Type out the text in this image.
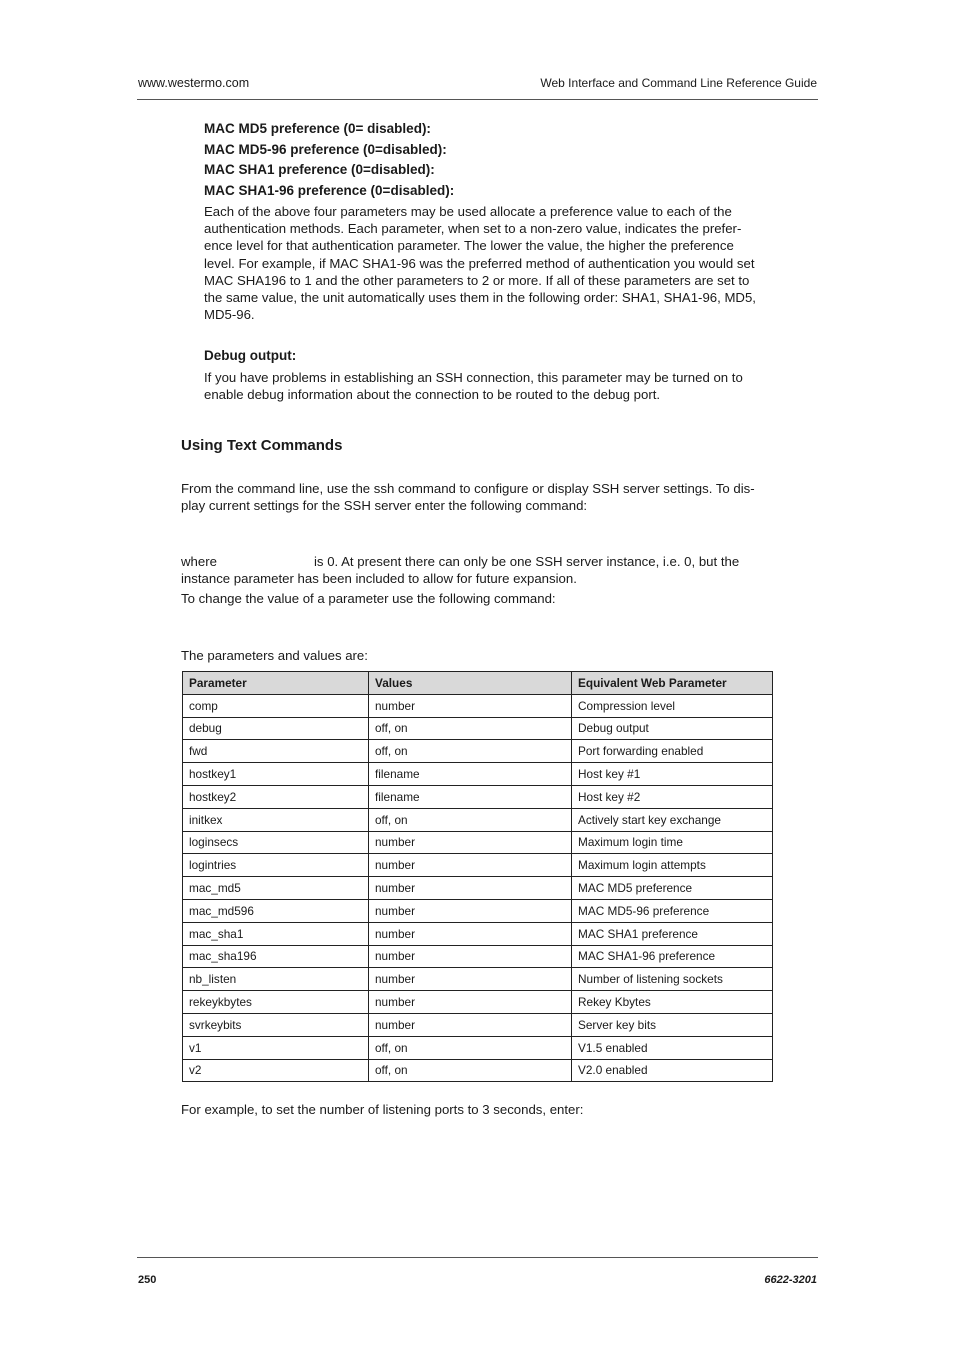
www.westermo.com	Web Interface and Command Line Reference Guide

MAC MD5 preference (0= disabled):

MAC MD5-96 preference (0=disabled):

MAC SHA1 preference (0=disabled):

MAC SHA1-96 preference (0=disabled):

Each of the above four parameters may be used allocate a preference value to each of the
authentication methods. Each parameter, when set to a non-zero value, indicates the prefer-
ence level for that authentication parameter. The lower the value, the higher the preference
level. For example, if MAC SHA1-96 was the preferred method of authentication you would set
MAC SHA196 to 1 and the other parameters to 2 or more. If all of these parameters are set to
the same value, the unit automatically uses them in the following order: SHA1, SHA1-96, MD5,
MD5-96.

Debug output:

If you have problems in establishing an SSH connection, this parameter may be turned on to
enable debug information about the connection to be routed to the debug port.

Using Text Commands

From the command line, use the ssh command to configure or display SSH server settings. To dis-
play current settings for the SSH server enter the following command:

where	is 0. At present there can only be one SSH server instance, i.e. 0, but the

instance parameter has been included to allow for future expansion.

To change the value of a parameter use the following command:

The parameters and values are:

Parameter	Values	Equivalent Web Parameter
comp	number	Compression level
debug	off, on	Debug output
fwd	off, on	Port forwarding enabled
hostkey1	filename	Host key #1
hostkey2	filename	Host key #2
initkex	off, on	Actively start key exchange
loginsecs	number	Maximum login time
logintries	number	Maximum login attempts
mac_md5	number	MAC MD5 preference
mac_md596	number	MAC MD5-96 preference
mac_sha1	number	MAC SHA1 preference
mac_sha196	number	MAC SHA1-96 preference
nb_listen	number	Number of listening sockets
rekeykbytes	number	Rekey Kbytes
svrkeybits	number	Server key bits
v1	off, on	V1.5 enabled
v2	off, on	V2.0 enabled

For example, to set the number of listening ports to 3 seconds, enter:

250	6622-3201
